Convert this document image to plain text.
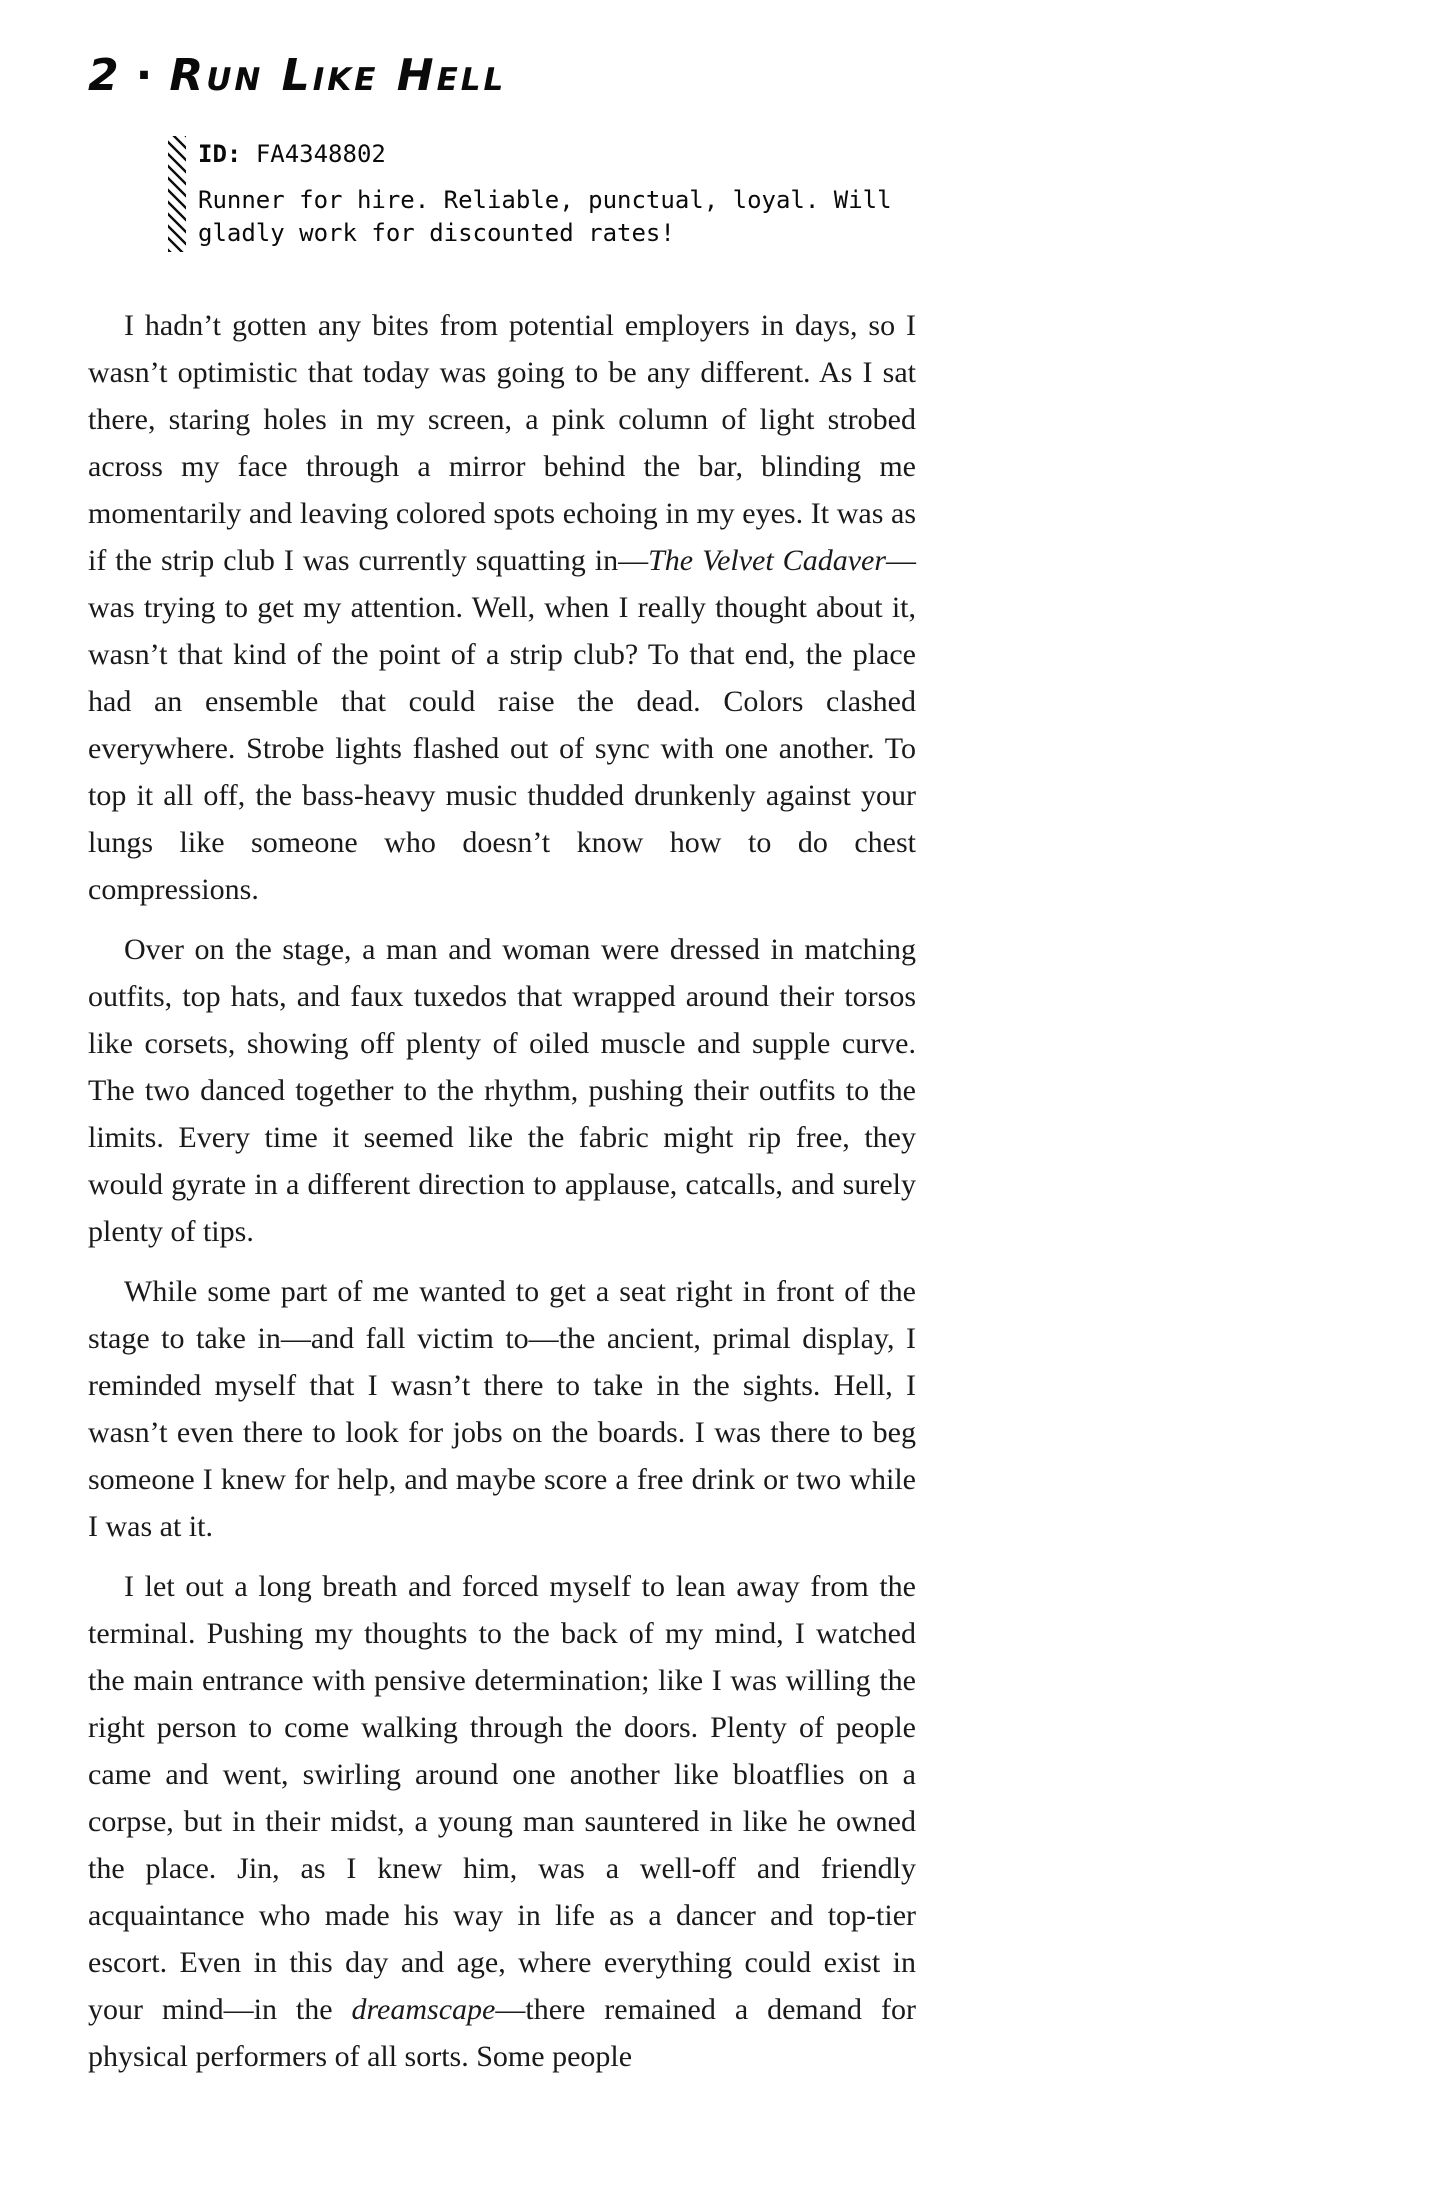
2 · Run Like Hell
ID: FA4348802
Runner for hire. Reliable, punctual, loyal. Will gladly work for discounted rates!

I hadn’t gotten any bites from potential employers in days, so I wasn’t optimistic that today was going to be any different. As I sat there, staring holes in my screen, a pink column of light strobed across my face through a mirror behind the bar, blinding me momentarily and leaving colored spots echoing in my eyes. It was as if the strip club I was currently squatting in—The Velvet Cadaver—was trying to get my attention. Well, when I really thought about it, wasn’t that kind of the point of a strip club? To that end, the place had an ensemble that could raise the dead. Colors clashed everywhere. Strobe lights flashed out of sync with one another. To top it all off, the bass-heavy music thudded drunkenly against your lungs like someone who doesn’t know how to do chest compressions.

Over on the stage, a man and woman were dressed in matching outfits, top hats, and faux tuxedos that wrapped around their torsos like corsets, showing off plenty of oiled muscle and supple curve. The two danced together to the rhythm, pushing their outfits to the limits. Every time it seemed like the fabric might rip free, they would gyrate in a different direction to applause, catcalls, and surely plenty of tips.

While some part of me wanted to get a seat right in front of the stage to take in—and fall victim to—the ancient, primal display, I reminded myself that I wasn’t there to take in the sights. Hell, I wasn’t even there to look for jobs on the boards. I was there to beg someone I knew for help, and maybe score a free drink or two while I was at it.

I let out a long breath and forced myself to lean away from the terminal. Pushing my thoughts to the back of my mind, I watched the main entrance with pensive determination; like I was willing the right person to come walking through the doors. Plenty of people came and went, swirling around one another like bloatflies on a corpse, but in their midst, a young man sauntered in like he owned the place. Jin, as I knew him, was a well-off and friendly acquaintance who made his way in life as a dancer and top-tier escort. Even in this day and age, where everything could exist in your mind—in the dreamscape—there remained a demand for physical performers of all sorts. Some people
